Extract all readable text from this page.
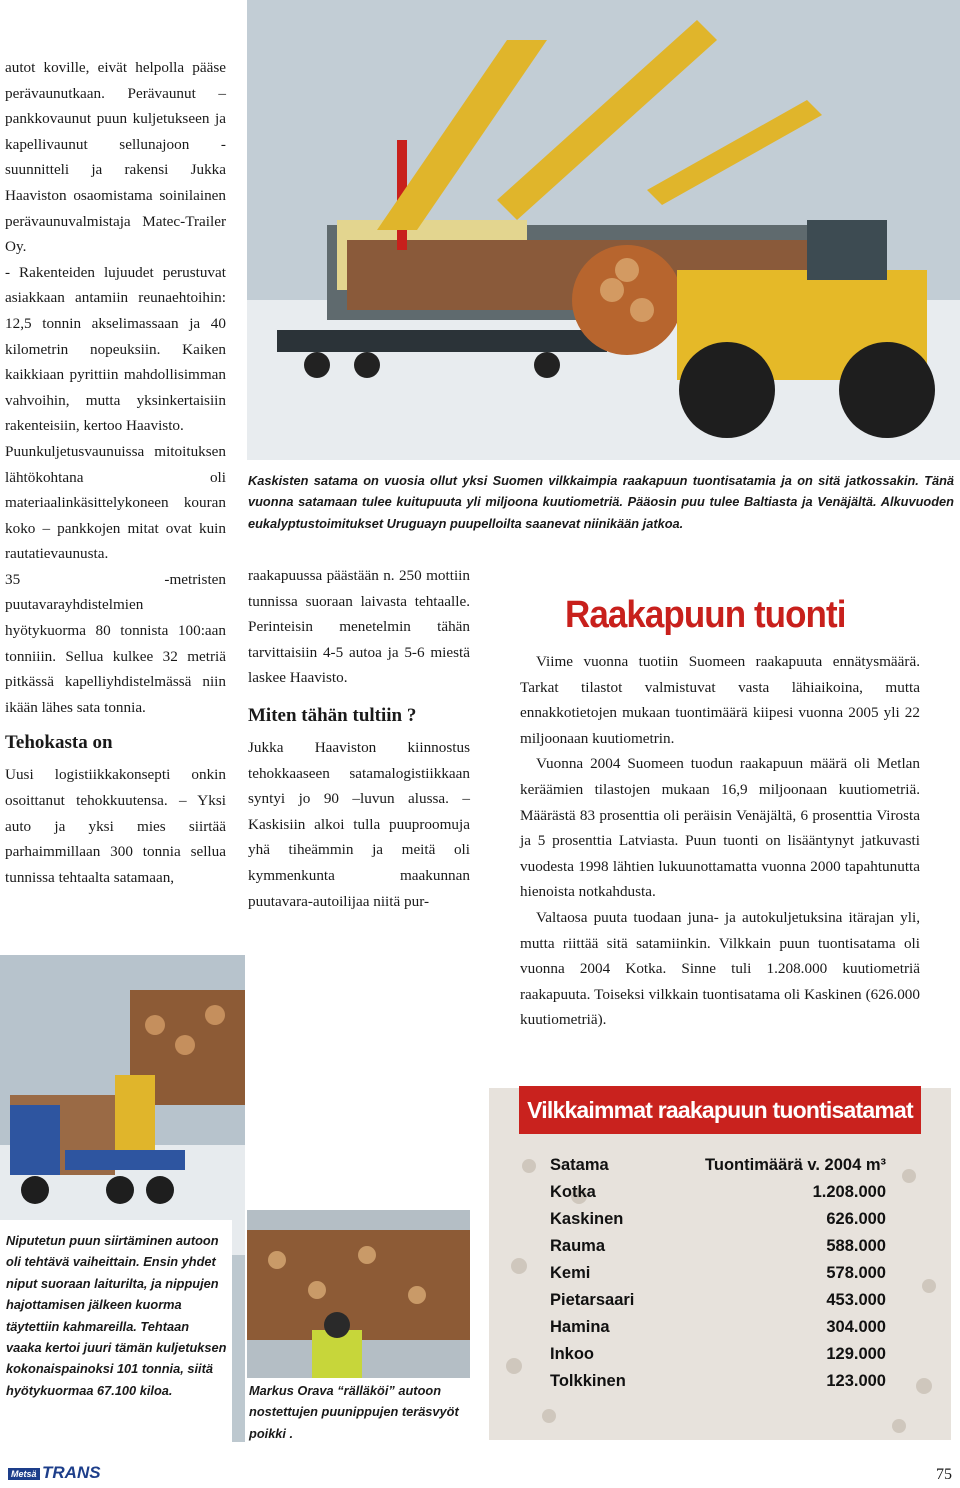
autot koville, eivät helpolla pääse perävaunutkaan. Perävaunut – pankkovaunut puun kuljetukseen ja kapellivaunut sellunajoon - suunnitteli ja rakensi Jukka Haaviston osaomistama soinilainen perävaunuvalmistaja Matec-Trailer Oy.

- Rakenteiden lujuudet perustuvat asiakkaan antamiin reunaehtoihin: 12,5 tonnin akselimassaan ja 40 kilometrin nopeuksiin. Kaiken kaikkiaan pyrittiin mahdollisimman vahvoihin, mutta yksinkertaisiin rakenteisiin, kertoo Haavisto.

Puunkuljetusvaunuissa mitoituksen lähtökohtana oli materiaalinkäsittelykoneen kouran koko – pankkojen mitat ovat kuin rautatievaunusta.

35 -metristen puutavarayhdistelmien hyötykuorma 80 tonnista 100:aan tonniiin. Sellua kulkee 32 metriä pitkässä kapelliyhdistelmässä niin ikään lähes sata tonnia.

Tehokasta on

Uusi logistiikkakonsepti onkin osoittanut tehokkuutensa. – Yksi auto ja yksi mies siirtää parhaimmillaan 300 tonnia sellua tunnissa tehtaalta satamaan,

Kaskisten satama on vuosia ollut yksi Suomen vilkkaimpia raakapuun tuontisatamia ja on sitä jatkossakin. Tänä vuonna satamaan tulee kuitupuuta yli miljoona kuutiometriä. Pääosin puu tulee Baltiasta ja Venäjältä. Alkuvuoden eukalyptustoimitukset Uruguayn puupelloilta saanevat niinikään jatkoa.

raakapuussa päästään n. 250 mottiin tunnissa suoraan laivasta tehtaalle. Perinteisin menetelmin tähän tarvittaisiin 4-5 autoa ja 5-6 miestä laskee Haavisto.

Miten tähän tultiin ?

Jukka Haaviston kiinnostus tehokkaaseen satamalogistiikkaan syntyi jo 90 –luvun alussa. – Kaskisiin alkoi tulla puuproomuja yhä tiheämmin ja meitä oli kymmenkunta maakunnan puutavara-autoilijaa niitä pur-

Raakapuun tuonti

Viime vuonna tuotiin Suomeen raakapuuta ennätysmäärä. Tarkat tilastot valmistuvat vasta lähiaikoina, mutta ennakkotietojen mukaan tuontimäärä kiipesi vuonna 2005 yli 22 miljoonaan kuutiometrin.

Vuonna 2004 Suomeen tuodun raakapuun määrä oli Metlan keräämien tilastojen mukaan 16,9 miljoonaan kuutiometriä. Määrästä 83 prosenttia oli peräisin Venäjältä, 6 prosenttia Virosta ja 5 prosenttia Latviasta. Puun tuonti on lisääntynyt jatkuvasti vuodesta 1998 lähtien lukuunottamatta vuonna 2000 tapahtunutta hienoista notkahdusta.

Valtaosa puuta tuodaan juna- ja autokuljetuksina itärajan yli, mutta riittää sitä satamiinkin. Vilkkain puun tuontisatama oli vuonna 2004 Kotka. Sinne tuli 1.208.000 kuutiometriä raakapuuta. Toiseksi vilkkain tuontisatama oli Kaskinen (626.000 kuutiometriä).

Niputetun puun siirtäminen autoon oli tehtävä vaiheittain. Ensin yhdet niput suoraan laiturilta, ja nippujen hajottamisen jälkeen kuorma täytettiin kahmareilla. Tehtaan vaaka kertoi juuri tämän kuljetuksen kokonaispainoksi 101 tonnia, siitä hyötykuormaa 67.100 kiloa.	Markus Orava “rälläköi” autoon nostettujen puunippujen teräsvyöt poikki .
Vilkkaimmat raakapuun tuontisatamat
Satama	Tuontimäärä v. 2004 m³
Kotka	1.208.000
Kaskinen	626.000
Rauma	588.000
Kemi	578.000
Pietarsaari	453.000
Hamina	304.000
Inkoo	129.000
Tolkkinen	123.000
Metsä TRANS	75
